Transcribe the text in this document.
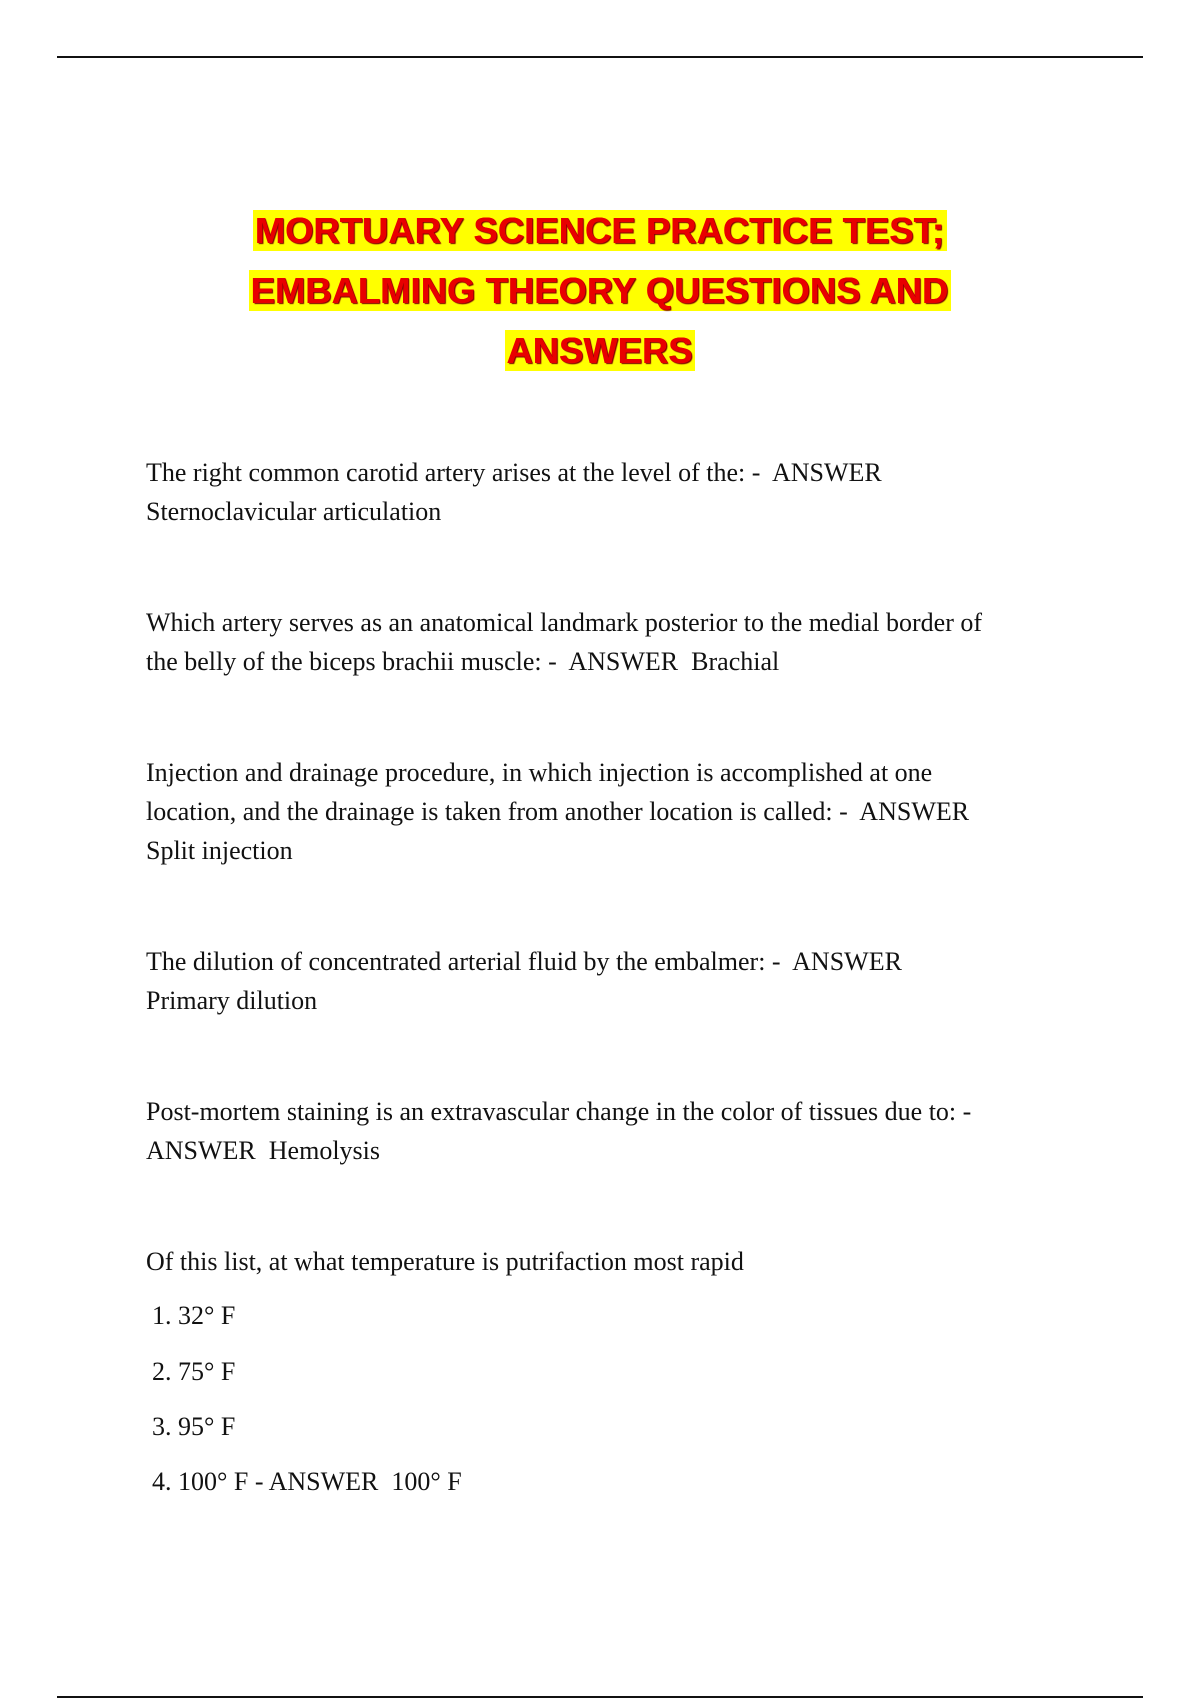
MORTUARY SCIENCE PRACTICE TEST;
EMBALMING THEORY QUESTIONS AND
ANSWERS
The right common carotid artery arises at the level of the: -  ANSWER
Sternoclavicular articulation
Which artery serves as an anatomical landmark posterior to the medial border of
the belly of the biceps brachii muscle: -  ANSWER  Brachial
Injection and drainage procedure, in which injection is accomplished at one
location, and the drainage is taken from another location is called: -  ANSWER
Split injection
The dilution of concentrated arterial fluid by the embalmer: -  ANSWER
Primary dilution
Post-mortem staining is an extravascular change in the color of tissues due to: -
ANSWER  Hemolysis
Of this list, at what temperature is putrifaction most rapid
1. 32° F
2. 75° F
3. 95° F
4. 100° F - ANSWER  100° F
